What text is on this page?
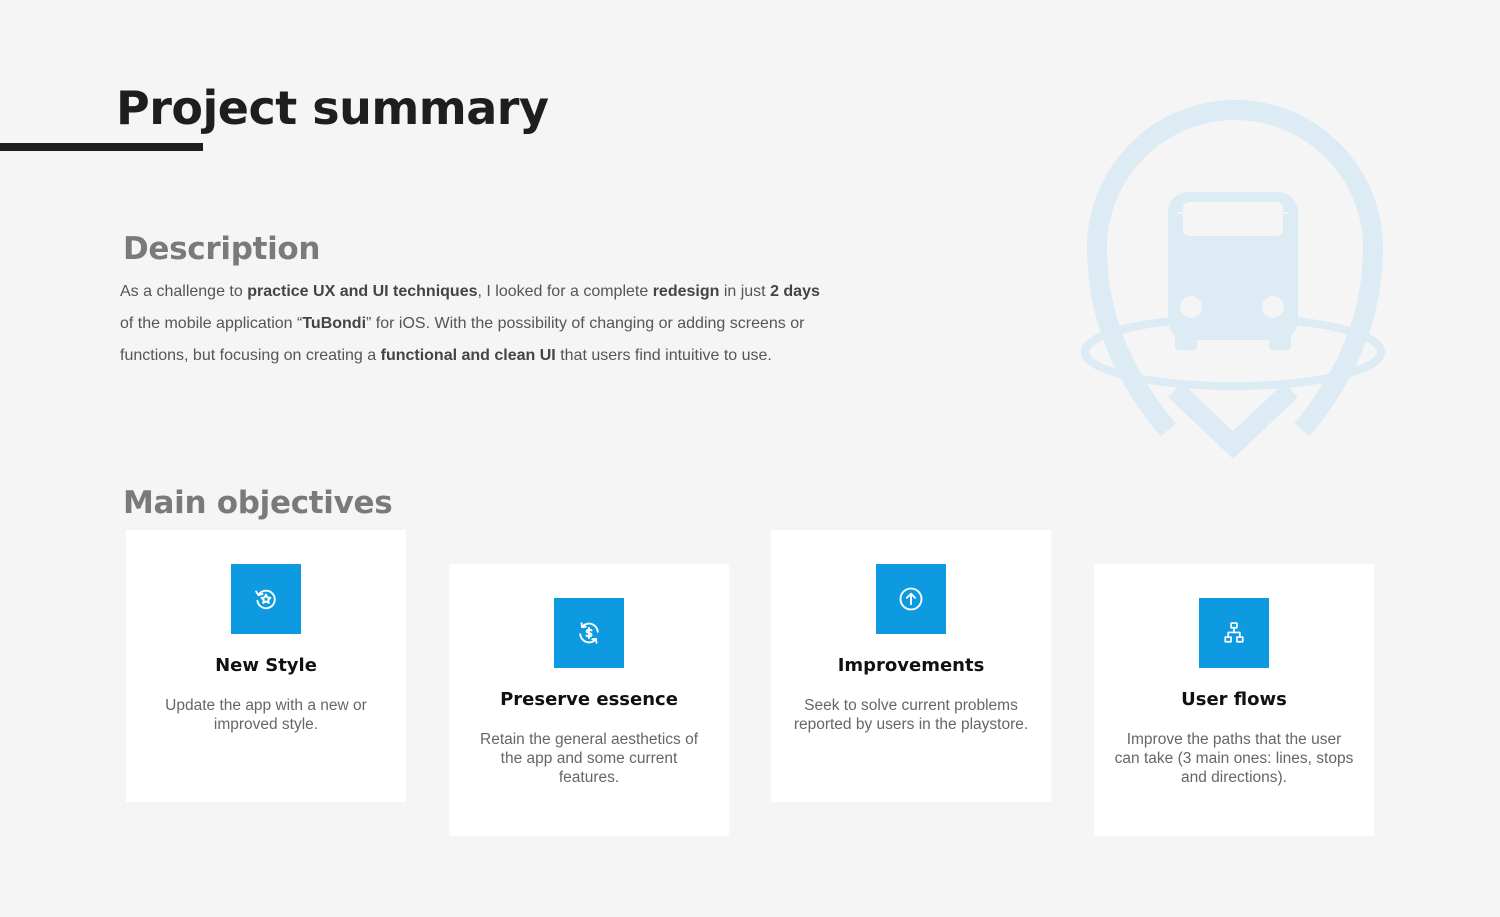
Project summary
Description

As a challenge to practice UX and UI techniques, I looked for a complete redesign in just 2 days of the mobile application “TuBondi” for iOS. With the possibility of changing or adding screens or functions, but focusing on creating a functional and clean UI that users find intuitive to use.

Main objectives
New Style

Update the app with a new or improved style.

Preserve essence

Retain the general aesthetics of the app and some current features.

Improvements

Seek to solve current problems reported by users in the playstore.

User flows

Improve the paths that the user can take (3 main ones: lines, stops and directions).
